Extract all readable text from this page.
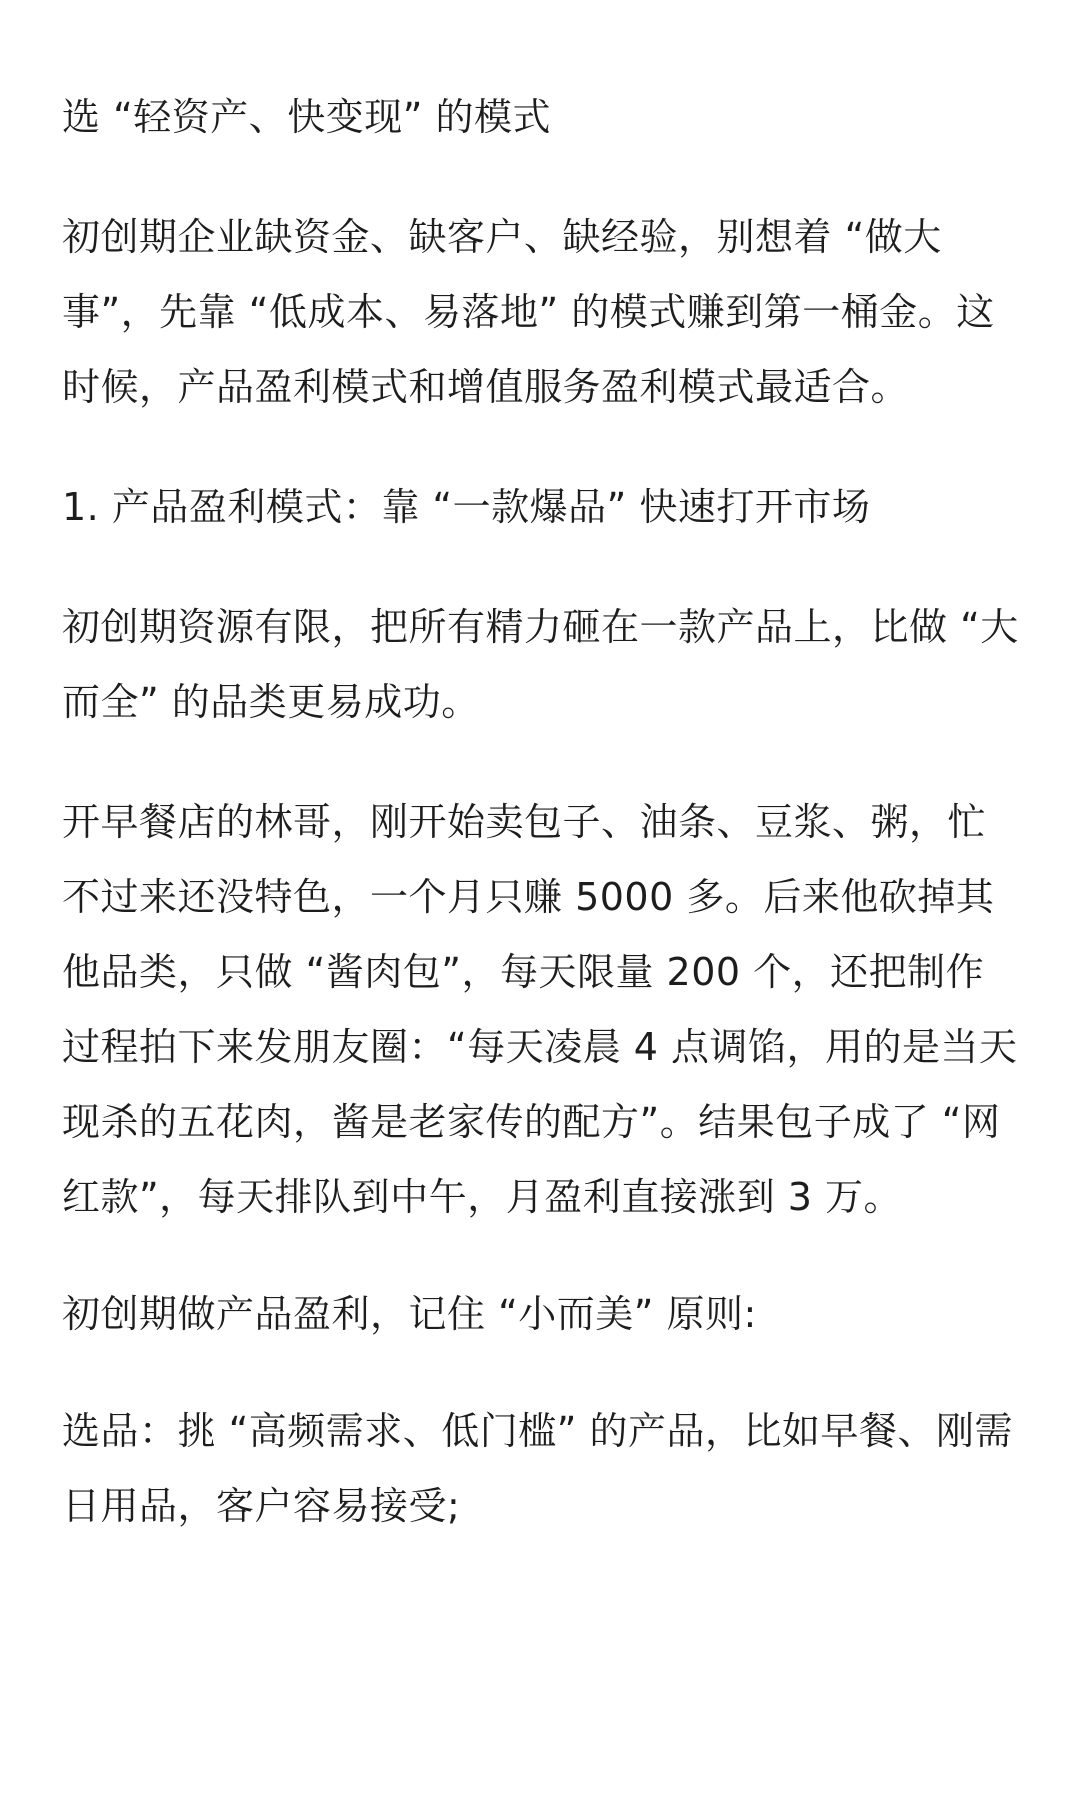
选 “轻资产、快变现” 的模式

初创期企业缺资金、缺客户、缺经验，别想着 “做大事”，先靠 “低成本、易落地” 的模式赚到第一桶金。这时候，产品盈利模式和增值服务盈利模式最适合。

1. 产品盈利模式：靠 “一款爆品” 快速打开市场

初创期资源有限，把所有精力砸在一款产品上，比做 “大而全” 的品类更易成功。

开早餐店的林哥，刚开始卖包子、油条、豆浆、粥，忙不过来还没特色，一个月只赚 5000 多。后来他砍掉其他品类，只做 “酱肉包”，每天限量 200 个，还把制作过程拍下来发朋友圈：“每天凌晨 4 点调馅，用的是当天现杀的五花肉，酱是老家传的配方”。结果包子成了 “网红款”，每天排队到中午，月盈利直接涨到 3 万。

初创期做产品盈利，记住 “小而美” 原则:

选品：挑 “高频需求、低门槛” 的产品，比如早餐、刚需日用品，客户容易接受;
